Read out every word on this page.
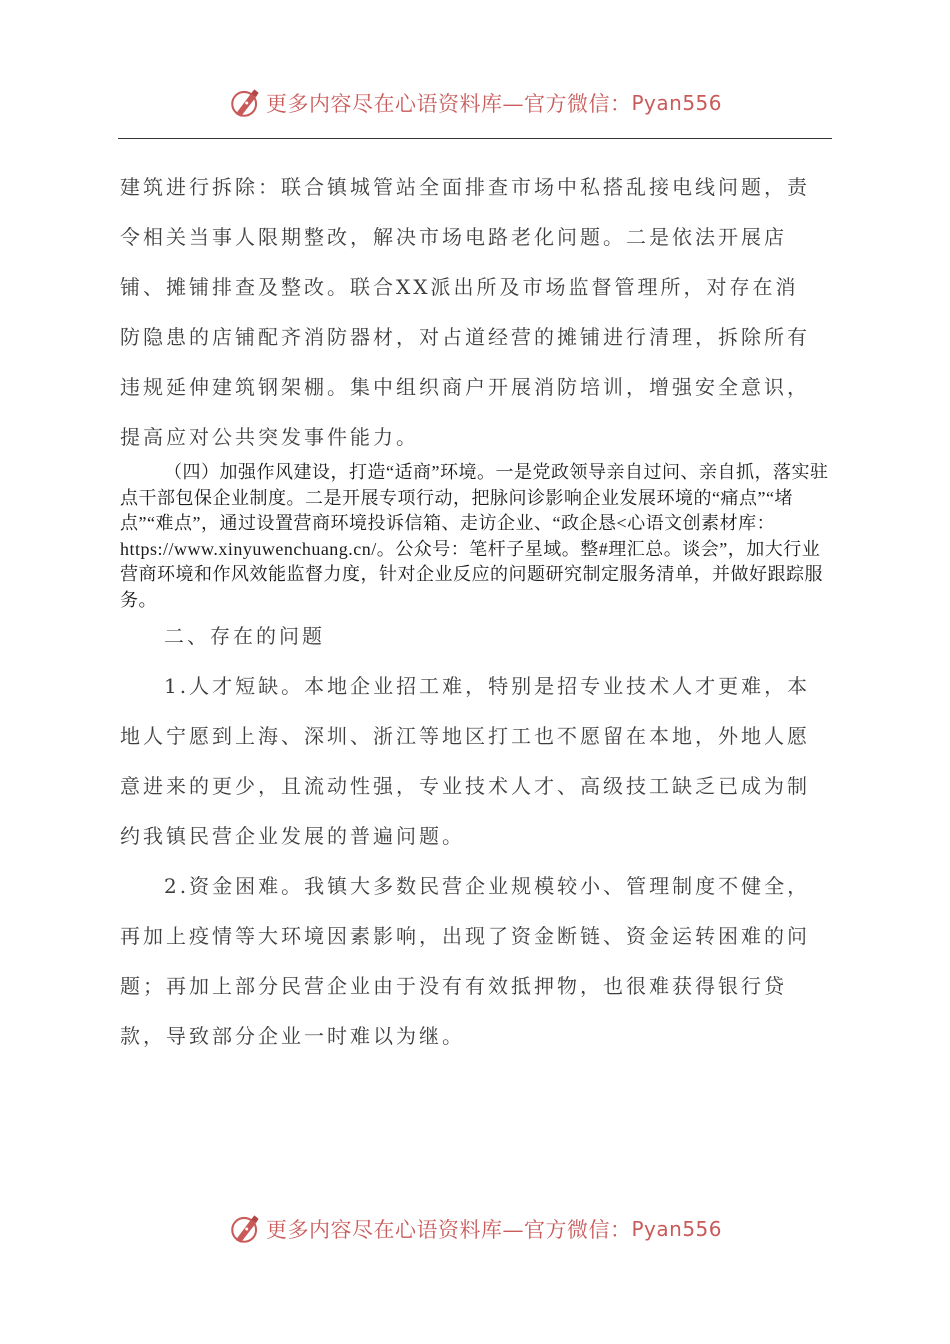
更多内容尽在心语资料库—官方微信： Pyan556

建筑进行拆除：联合镇城管站全面排查市场中私搭乱接电线问题，责令相关当事人限期整改，解决市场电路老化问题。二是依法开展店铺、摊铺排查及整改。联合XX派出所及市场监督管理所，对存在消防隐患的店铺配齐消防器材，对占道经营的摊铺进行清理，拆除所有违规延伸建筑钢架棚。集中组织商户开展消防培训，增强安全意识，提高应对公共突发事件能力。

（四）加强作风建设，打造“适商”环境。一是党政领导亲自过问、亲自抓，落实驻点干部包保企业制度。二是开展专项行动，把脉问诊影响企业发展环境的“痛点”“堵点”“难点”，通过设置营商环境投诉信箱、走访企业、“政企恳<心语文创素材库：https://www.xinyuwenchuang.cn/。公众号：笔杆子星域。整#理汇总。谈会”，加大行业营商环境和作风效能监督力度，针对企业反应的问题研究制定服务清单，并做好跟踪服务。

二、存在的问题

1.人才短缺。本地企业招工难，特别是招专业技术人才更难，本地人宁愿到上海、深圳、浙江等地区打工也不愿留在本地，外地人愿意进来的更少，且流动性强，专业技术人才、高级技工缺乏已成为制约我镇民营企业发展的普遍问题。

2.资金困难。我镇大多数民营企业规模较小、管理制度不健全，再加上疫情等大环境因素影响，出现了资金断链、资金运转困难的问题；再加上部分民营企业由于没有有效抵押物，也很难获得银行贷款，导致部分企业一时难以为继。

更多内容尽在心语资料库—官方微信： Pyan556
